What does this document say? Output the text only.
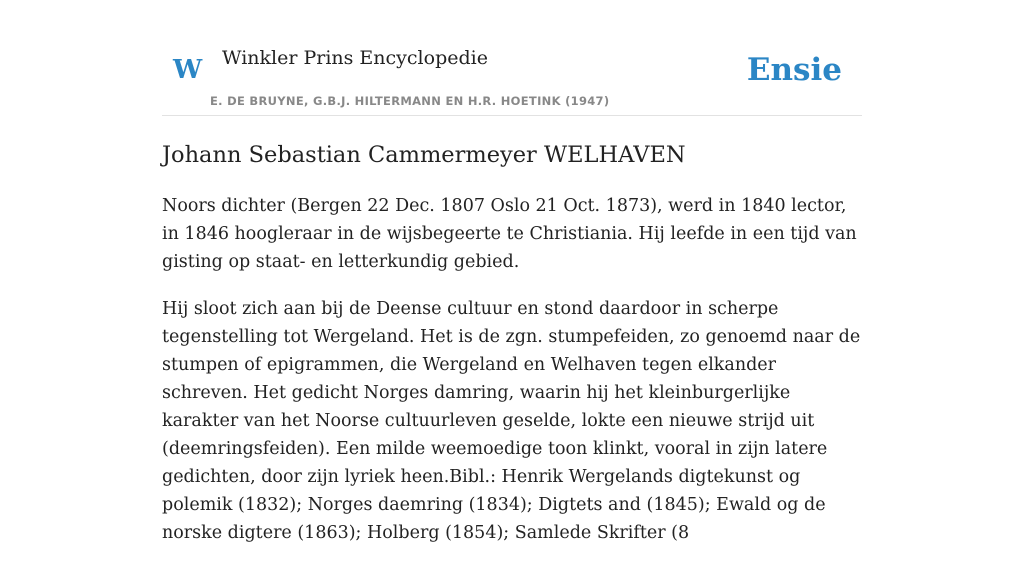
W Winkler Prins Encyclopedie
E. DE BRUYNE, G.B.J. HILTERMANN EN H.R. HOETINK (1947)
Ensie
Johann Sebastian Cammermeyer WELHAVEN

Noors dichter (Bergen 22 Dec. 1807 Oslo 21 Oct. 1873), werd in 1840 lector, in 1846 hoogleraar in de wijsbegeerte te Christiania. Hij leefde in een tijd van gisting op staat- en letterkundig gebied.

Hij sloot zich aan bij de Deense cultuur en stond daardoor in scherpe tegenstelling tot Wergeland. Het is de zgn. stumpefeiden, zo genoemd naar de stumpen of epigrammen, die Wergeland en Welhaven tegen elkander schreven. Het gedicht Norges damring, waarin hij het kleinburgerlijke karakter van het Noorse cultuurleven geselde, lokte een nieuwe strijd uit (deemringsfeiden). Een milde weemoedige toon klinkt, vooral in zijn latere gedichten, door zijn lyriek heen.Bibl.: Henrik Wergelands digtekunst og polemik (1832); Norges daemring (1834); Digtets and (1845); Ewald og de norske digtere (1863); Holberg (1854); Samlede Skrifter (8
